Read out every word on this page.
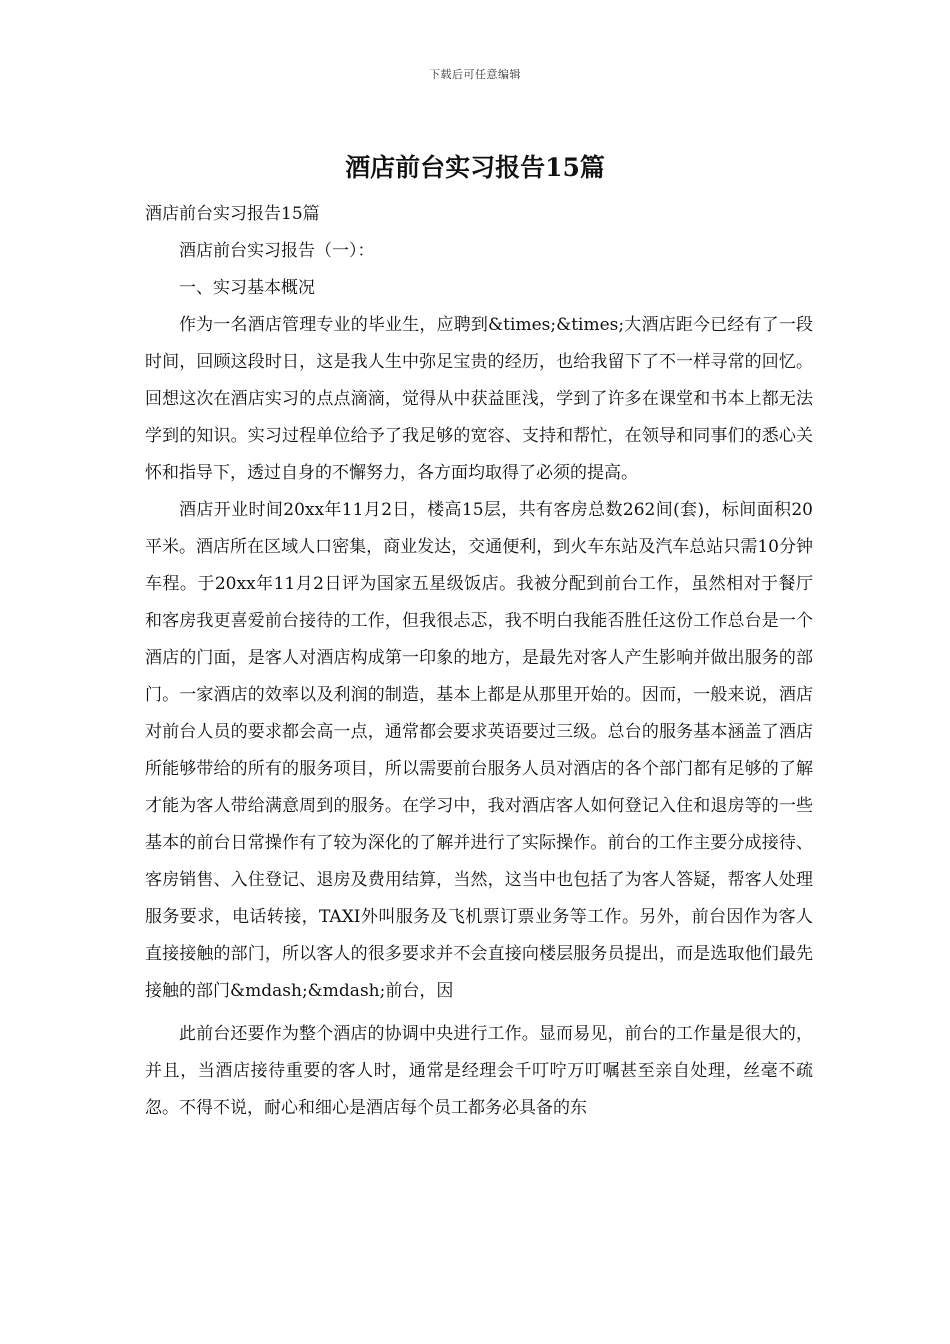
下载后可任意编辑
酒店前台实习报告15篇

酒店前台实习报告15篇

酒店前台实习报告（一）：

一、实习基本概况

作为一名酒店管理专业的毕业生，应聘到&times;&times;大酒店距今已经有了一段时间，回顾这段时日，这是我人生中弥足宝贵的经历，也给我留下了不一样寻常的回忆。回想这次在酒店实习的点点滴滴，觉得从中获益匪浅，学到了许多在课堂和书本上都无法学到的知识。实习过程单位给予了我足够的宽容、支持和帮忙，在领导和同事们的悉心关怀和指导下，透过自身的不懈努力，各方面均取得了必须的提高。

酒店开业时间20xx年11月2日，楼高15层，共有客房总数262间(套)，标间面积20平米。酒店所在区域人口密集，商业发达，交通便利，到火车东站及汽车总站只需10分钟车程。于20xx年11月2日评为国家五星级饭店。我被分配到前台工作，虽然相对于餐厅和客房我更喜爱前台接待的工作，但我很忐忑，我不明白我能否胜任这份工作总台是一个酒店的门面，是客人对酒店构成第一印象的地方，是最先对客人产生影响并做出服务的部门。一家酒店的效率以及利润的制造，基本上都是从那里开始的。因而，一般来说，酒店对前台人员的要求都会高一点，通常都会要求英语要过三级。总台的服务基本涵盖了酒店所能够带给的所有的服务项目，所以需要前台服务人员对酒店的各个部门都有足够的了解才能为客人带给满意周到的服务。在学习中，我对酒店客人如何登记入住和退房等的一些基本的前台日常操作有了较为深化的了解并进行了实际操作。前台的工作主要分成接待、客房销售、入住登记、退房及费用结算，当然，这当中也包括了为客人答疑，帮客人处理服务要求，电话转接，TAXI外叫服务及飞机票订票业务等工作。另外，前台因作为客人直接接触的部门，所以客人的很多要求并不会直接向楼层服务员提出，而是选取他们最先接触的部门&mdash;&mdash;前台，因

此前台还要作为整个酒店的协调中央进行工作。显而易见，前台的工作量是很大的，并且，当酒店接待重要的客人时，通常是经理会千叮咛万叮嘱甚至亲自处理，丝毫不疏忽。不得不说，耐心和细心是酒店每个员工都务必具备的东
